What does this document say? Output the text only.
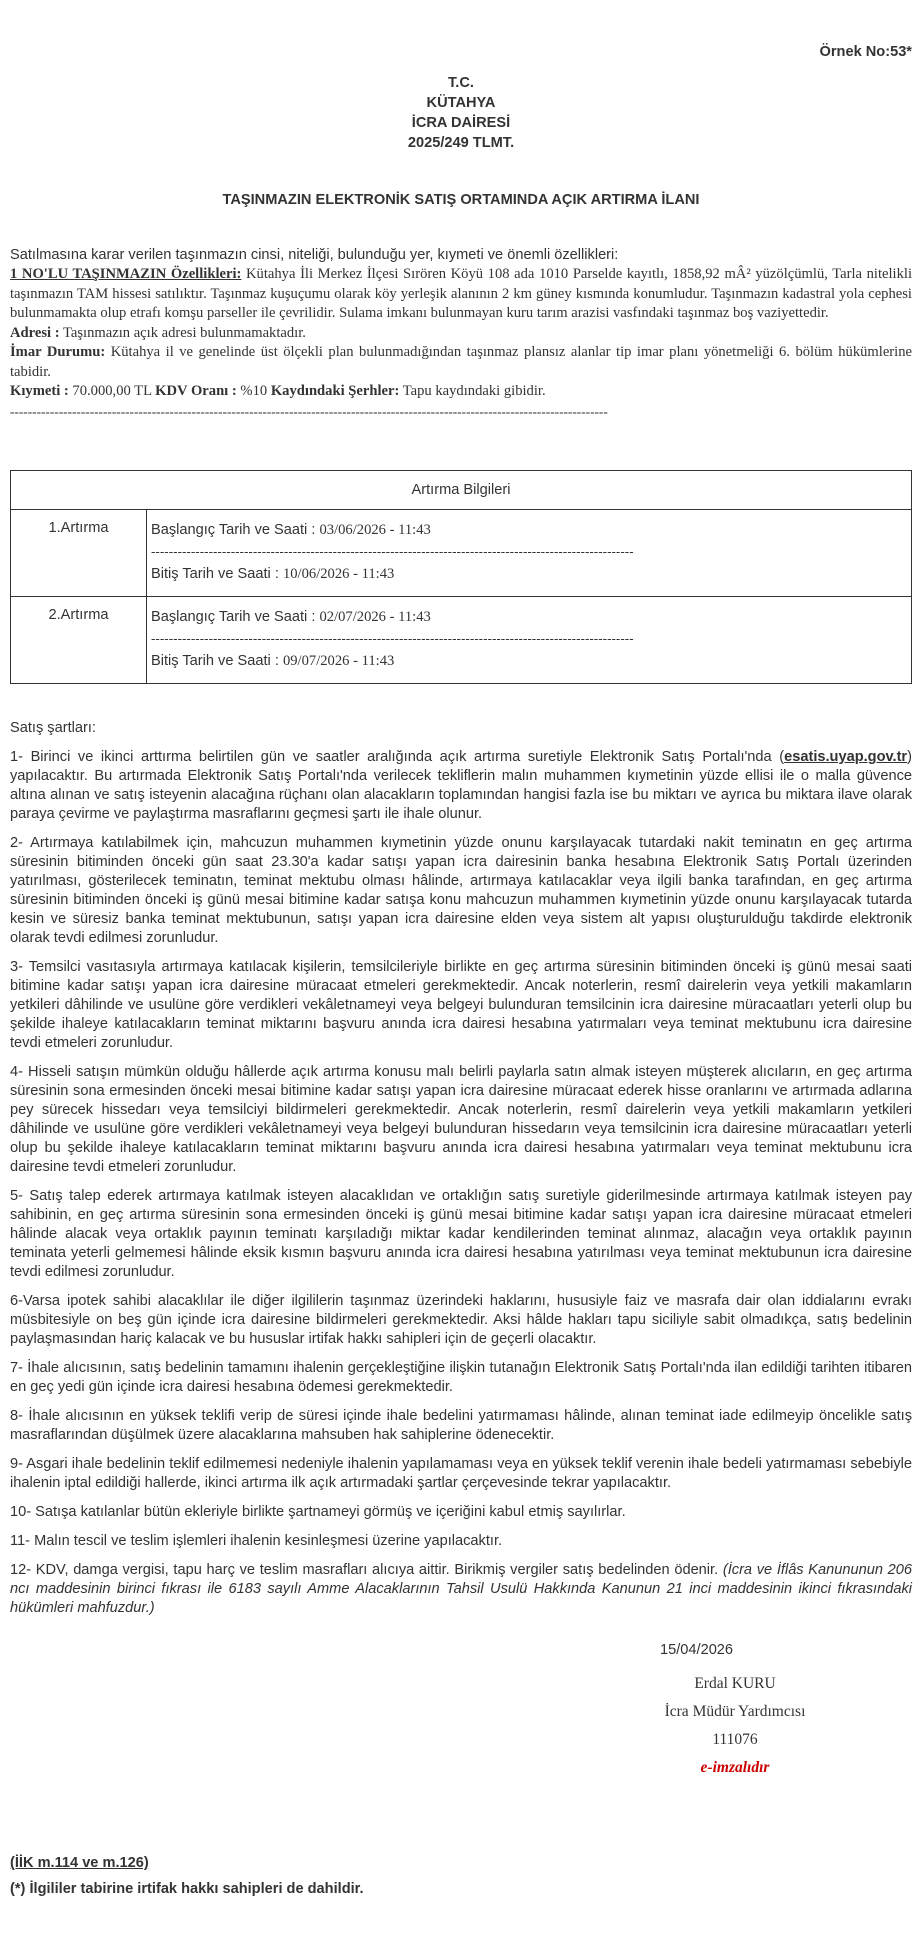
Örnek No:53*
T.C.
KÜTAHYA
İCRA DAİRESİ
2025/249 TLMT.
TAŞINMAZIN ELEKTRONİK SATIŞ ORTAMINDA AÇIK ARTIRMA İLANI
Satılmasına karar verilen taşınmazın cinsi, niteliği, bulunduğu yer, kıymeti ve önemli özellikleri:
1 NO'LU TAŞINMAZIN Özellikleri: Kütahya İli Merkez İlçesi Sırören Köyü 108 ada 1010 Parselde kayıtlı, 1858,92 mÂ² yüzölçümlü, Tarla nitelikli taşınmazın TAM hissesi satılıktır. Taşınmaz kuşuçumu olarak köy yerleşik alanının 2 km güney kısmında konumludur. Taşınmazın kadastral yola cephesi bulunmamakta olup etrafı komşu parseller ile çevrilidir. Sulama imkanı bulunmayan kuru tarım arazisi vasfındaki taşınmaz boş vaziyettedir.
Adresi : Taşınmazın açık adresi bulunmamaktadır.
İmar Durumu: Kütahya il ve genelinde üst ölçekli plan bulunmadığından taşınmaz plansız alanlar tip imar planı yönetmeliği 6. bölüm hükümlerine tabidir.
Kıymeti : 70.000,00 TL KDV Oranı : %10 Kaydındaki Şerhler: Tapu kaydındaki gibidir.
---------------------------------------------------------------------------------------------------------------------------------------
Artırma Bilgileri	
1.Artırma	Başlangıç Tarih ve Saati : 03/06/2026 - 11:43
-------------------------------------------------------------------------------------------------------------
Bitiş Tarih ve Saati : 10/06/2026 - 11:43

2.Artırma	Başlangıç Tarih ve Saati : 02/07/2026 - 11:43
-------------------------------------------------------------------------------------------------------------
Bitiş Tarih ve Saati : 09/07/2026 - 11:43
Satış şartları:

1- Birinci ve ikinci arttırma belirtilen gün ve saatler aralığında açık artırma suretiyle Elektronik Satış Portalı'nda (esatis.uyap.gov.tr) yapılacaktır. Bu artırmada Elektronik Satış Portalı'nda verilecek tekliflerin malın muhammen kıymetinin yüzde ellisi ile o malla güvence altına alınan ve satış isteyenin alacağına rüçhanı olan alacakların toplamından hangisi fazla ise bu miktarı ve ayrıca bu miktara ilave olarak paraya çevirme ve paylaştırma masraflarını geçmesi şartı ile ihale olunur.

2- Artırmaya katılabilmek için, mahcuzun muhammen kıymetinin yüzde onunu karşılayacak tutardaki nakit teminatın en geç artırma süresinin bitiminden önceki gün saat 23.30'a kadar satışı yapan icra dairesinin banka hesabına Elektronik Satış Portalı üzerinden yatırılması, gösterilecek teminatın, teminat mektubu olması hâlinde, artırmaya katılacaklar veya ilgili banka tarafından, en geç artırma süresinin bitiminden önceki iş günü mesai bitimine kadar satışa konu mahcuzun muhammen kıymetinin yüzde onunu karşılayacak tutarda kesin ve süresiz banka teminat mektubunun, satışı yapan icra dairesine elden veya sistem alt yapısı oluşturulduğu takdirde elektronik olarak tevdi edilmesi zorunludur.

3- Temsilci vasıtasıyla artırmaya katılacak kişilerin, temsilcileriyle birlikte en geç artırma süresinin bitiminden önceki iş günü mesai saati bitimine kadar satışı yapan icra dairesine müracaat etmeleri gerekmektedir. Ancak noterlerin, resmî dairelerin veya yetkili makamların yetkileri dâhilinde ve usulüne göre verdikleri vekâletnameyi veya belgeyi bulunduran temsilcinin icra dairesine müracaatları yeterli olup bu şekilde ihaleye katılacakların teminat miktarını başvuru anında icra dairesi hesabına yatırmaları veya teminat mektubunu icra dairesine tevdi etmeleri zorunludur.

4- Hisseli satışın mümkün olduğu hâllerde açık artırma konusu malı belirli paylarla satın almak isteyen müşterek alıcıların, en geç artırma süresinin sona ermesinden önceki mesai bitimine kadar satışı yapan icra dairesine müracaat ederek hisse oranlarını ve artırmada adlarına pey sürecek hissedarı veya temsilciyi bildirmeleri gerekmektedir. Ancak noterlerin, resmî dairelerin veya yetkili makamların yetkileri dâhilinde ve usulüne göre verdikleri vekâletnameyi veya belgeyi bulunduran hissedarın veya temsilcinin icra dairesine müracaatları yeterli olup bu şekilde ihaleye katılacakların teminat miktarını başvuru anında icra dairesi hesabına yatırmaları veya teminat mektubunu icra dairesine tevdi etmeleri zorunludur.

5- Satış talep ederek artırmaya katılmak isteyen alacaklıdan ve ortaklığın satış suretiyle giderilmesinde artırmaya katılmak isteyen pay sahibinin, en geç artırma süresinin sona ermesinden önceki iş günü mesai bitimine kadar satışı yapan icra dairesine müracaat etmeleri hâlinde alacak veya ortaklık payının teminatı karşıladığı miktar kadar kendilerinden teminat alınmaz, alacağın veya ortaklık payının teminata yeterli gelmemesi hâlinde eksik kısmın başvuru anında icra dairesi hesabına yatırılması veya teminat mektubunun icra dairesine tevdi edilmesi zorunludur.

6-Varsa ipotek sahibi alacaklılar ile diğer ilgililerin taşınmaz üzerindeki haklarını, hususiyle faiz ve masrafa dair olan iddialarını evrakı müsbitesiyle on beş gün içinde icra dairesine bildirmeleri gerekmektedir. Aksi hâlde hakları tapu siciliyle sabit olmadıkça, satış bedelinin paylaşmasından hariç kalacak ve bu hususlar irtifak hakkı sahipleri için de geçerli olacaktır.

7- İhale alıcısının, satış bedelinin tamamını ihalenin gerçekleştiğine ilişkin tutanağın Elektronik Satış Portalı'nda ilan edildiği tarihten itibaren en geç yedi gün içinde icra dairesi hesabına ödemesi gerekmektedir.

8- İhale alıcısının en yüksek teklifi verip de süresi içinde ihale bedelini yatırmaması hâlinde, alınan teminat iade edilmeyip öncelikle satış masraflarından düşülmek üzere alacaklarına mahsuben hak sahiplerine ödenecektir.

9- Asgari ihale bedelinin teklif edilmemesi nedeniyle ihalenin yapılamaması veya en yüksek teklif verenin ihale bedeli yatırmaması sebebiyle ihalenin iptal edildiği hallerde, ikinci artırma ilk açık artırmadaki şartlar çerçevesinde tekrar yapılacaktır.

10- Satışa katılanlar bütün ekleriyle birlikte şartnameyi görmüş ve içeriğini kabul etmiş sayılırlar.

11- Malın tescil ve teslim işlemleri ihalenin kesinleşmesi üzerine yapılacaktır.

12- KDV, damga vergisi, tapu harç ve teslim masrafları alıcıya aittir. Birikmiş vergiler satış bedelinden ödenir. (İcra ve İflâs Kanununun 206 ncı maddesinin birinci fıkrası ile 6183 sayılı Amme Alacaklarının Tahsil Usulü Hakkında Kanunun 21 inci maddesinin ikinci fıkrasındaki hükümleri mahfuzdur.)

15/04/2026
Erdal KURU
İcra Müdür Yardımcısı
111076
e-imzalıdır
(İİK m.114 ve m.126)
(*) İlgililer tabirine irtifak hakkı sahipleri de dahildir.
